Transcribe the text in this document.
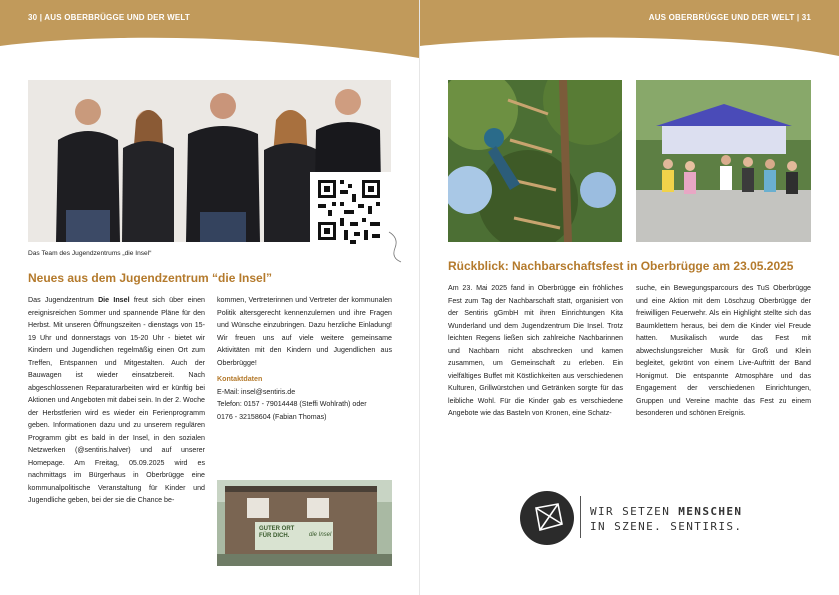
30 | AUS OBERBRÜGGE UND DER WELT	AUS OBERBRÜGGE UND DER WELT | 31
Das Team des Jugendzentrums „die Insel“
Neues aus dem Jugendzentrum “die Insel”

Das Jugendzentrum Die Insel freut sich über einen ereignisreichen Sommer und spannende Pläne für den Herbst. Mit unseren Öffnungszeiten - dienstags von 15-19 Uhr und donnerstags von 15-20 Uhr - bietet wir Kindern und Jugendlichen regelmäßig einen Ort zum Treffen, Entspannen und Mitgestalten. Auch der Bauwagen ist wieder einsatzbereit. Nach abgeschlossenen Reparaturarbeiten wird er künftig bei Aktionen und Angeboten mit dabei sein. In der 2. Woche der Herbstferien wird es wieder ein Ferienprogramm geben. Informationen dazu und zu unserem regulären Programm gibt es bald in der Insel, in den sozialen Netzwerken (@sentiris.halver) und auf unserer Homepage. Am Freitag, 05.09.2025 wird es nachmittags im Bürgerhaus in Oberbrügge eine kommunalpolitische Veranstaltung für Kinder und Jugendliche geben, bei der sie die Chance be-

kommen, Vertreterinnen und Vertreter der kommunalen Politik altersgerecht kennenzulernen und ihre Fragen und Wünsche einzubringen. Dazu herzliche Einladung! Wir freuen uns auf viele weitere gemeinsame Aktivitäten mit den Kindern und Jugendlichen aus Oberbrügge!

Kontaktdaten

E-Mail: insel@sentiris.de

Telefon: 0157 - 79014448 (Steffi Wohlrath) oder

0176 - 32158604 (Fabian Thomas)

GUTER ORT
FÜR DICH.	die Insel
Rückblick: Nachbarschaftsfest in Oberbrügge am 23.05.2025

Am 23. Mai 2025 fand in Oberbrügge ein fröhliches Fest zum Tag der Nachbarschaft statt, organisiert von der Sentiris gGmbH mit ihren Einrichtungen Kita Wunderland und dem Jugendzentrum Die Insel. Trotz leichten Regens ließen sich zahlreiche Nachbarinnen und Nachbarn nicht abschrecken und kamen zusammen, um Gemeinschaft zu erleben. Ein vielfältiges Buffet mit Köstlichkeiten aus verschiedenen Kulturen, Grillwürstchen und Getränken sorgte für das leibliche Wohl. Für die Kinder gab es verschiedene Angebote wie das Basteln von Kronen, eine Schatz-

suche, ein Bewegungsparcours des TuS Oberbrügge und eine Aktion mit dem Löschzug Oberbrügge der freiwilligen Feuerwehr. Als ein Highlight stellte sich das Baumklettern heraus, bei dem die Kinder viel Freude hatten. Musikalisch wurde das Fest mit abwechslungsreicher Musik für Groß und Klein begleitet, gekrönt von einem Live-Auftritt der Band Honigmut. Die entspannte Atmosphäre und das Engagement der verschiedenen Einrichtungen, Gruppen und Vereine machte das Fest zu einem besonderen und schönen Ereignis.

WIR SETZEN MENSCHEN
IN SZENE. SENTIRIS.
